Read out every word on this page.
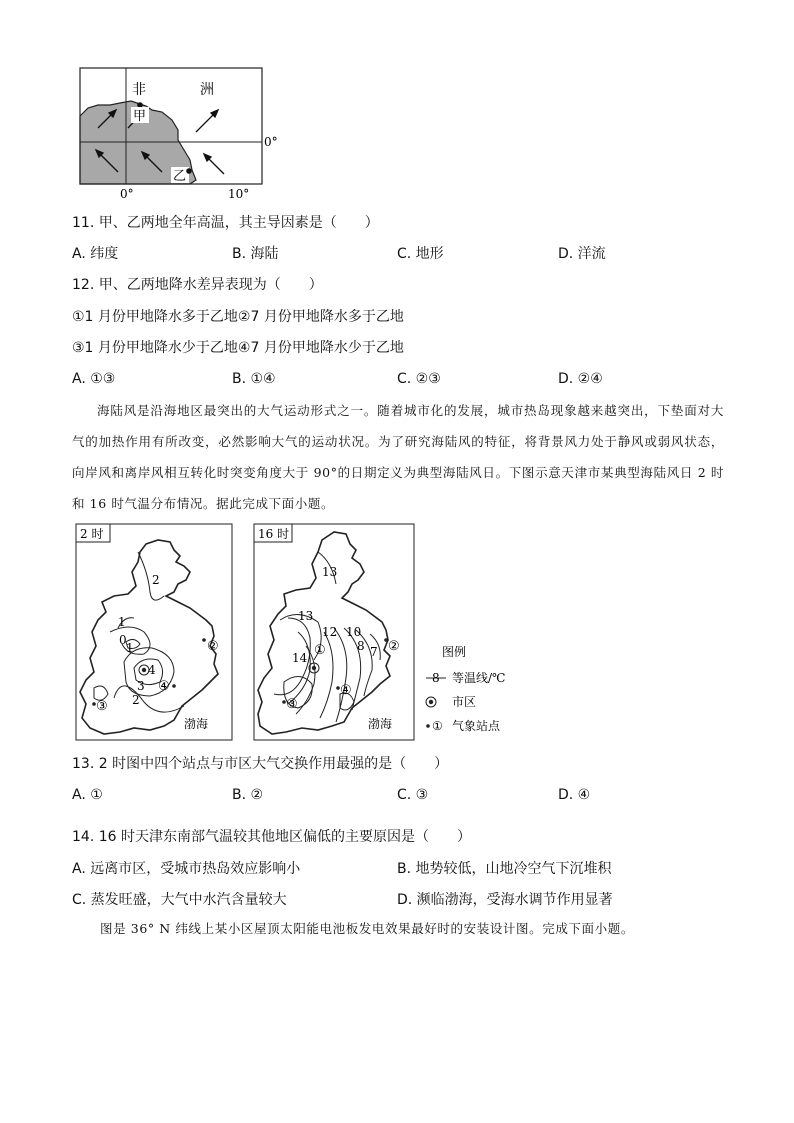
非	洲
甲
乙
0°
0°	10°
11. 甲、乙两地全年高温，其主导因素是（　　）
A. 纬度	B. 海陆	C. 地形	D. 洋流
12. 甲、乙两地降水差异表现为（　　）
①1 月份甲地降水多于乙地②7 月份甲地降水多于乙地
③1 月份甲地降水少于乙地④7 月份甲地降水少于乙地
A. ①③	B. ①④	C. ②③	D. ②④
海陆风是沿海地区最突出的大气运动形式之一。随着城市化的发展，城市热岛现象越来越突出，下垫面对大气的加热作用有所改变，必然影响大气的运动状况。为了研究海陆风的特征，将背景风力处于静风或弱风状态，向岸风和离岸风相互转化时突变角度大于 90°的日期定义为典型海陆风日。下图示意天津市某典型海陆风日 2 时和 16 时气温分布情况。据此完成下面小题。
2 时
2
1
1
0
4
3
2
②
④
③
渤海
16 时
13
13
12 10
14
8 7
①	②
④
③
渤海
图例
8 等温线/℃
市区
① 气象站点
13. 2 时图中四个站点与市区大气交换作用最强的是（　　）
A. ①	B. ②	C. ③	D. ④
14. 16 时天津东南部气温较其他地区偏低的主要原因是（　　）
A. 远离市区，受城市热岛效应影响小	B. 地势较低，山地冷空气下沉堆积
C. 蒸发旺盛，大气中水汽含量较大	D. 濒临渤海，受海水调节作用显著
图是 36° N 纬线上某小区屋顶太阳能电池板发电效果最好时的安装设计图。完成下面小题。
